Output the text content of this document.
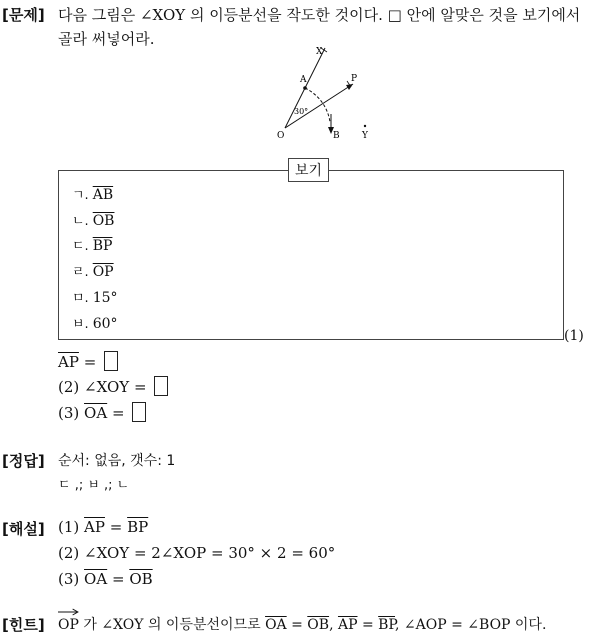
[문제] 다음 그림은 ∠XOY 의 이등분선을 작도한 것이다. □ 안에 알맞은 것을 보기에서
골라 써넣어라.
X
A	P
O	B Y
30°
보기
ㄱ. $\overline{AB}$
ㄴ. $\overline{OB}$
ㄷ. $\overline{BP}$
ㄹ. $\overline{OP}$
ㅁ. 15°
ㅂ. 60°
(1)
$\overline{AP}$ =
(2) ∠XOY =
(3) $\overline{OA}$ =
[정답] 순서: 없음, 갯수: 1
ㄷ ,; ㅂ ,; ㄴ
[해설] (1) $\overline{AP} = \overline{BP}$
(2) ∠XOY = 2∠XOP = 30° × 2 = 60°
(3) $\overline{OA} = \overline{OB}$
[힌트] OP 가 ∠XOY 의 이등분선이므로 $\overline{OA} = \overline{OB}$, $\overline{AP} = \overline{BP}$, ∠AOP = ∠BOP 이다.
